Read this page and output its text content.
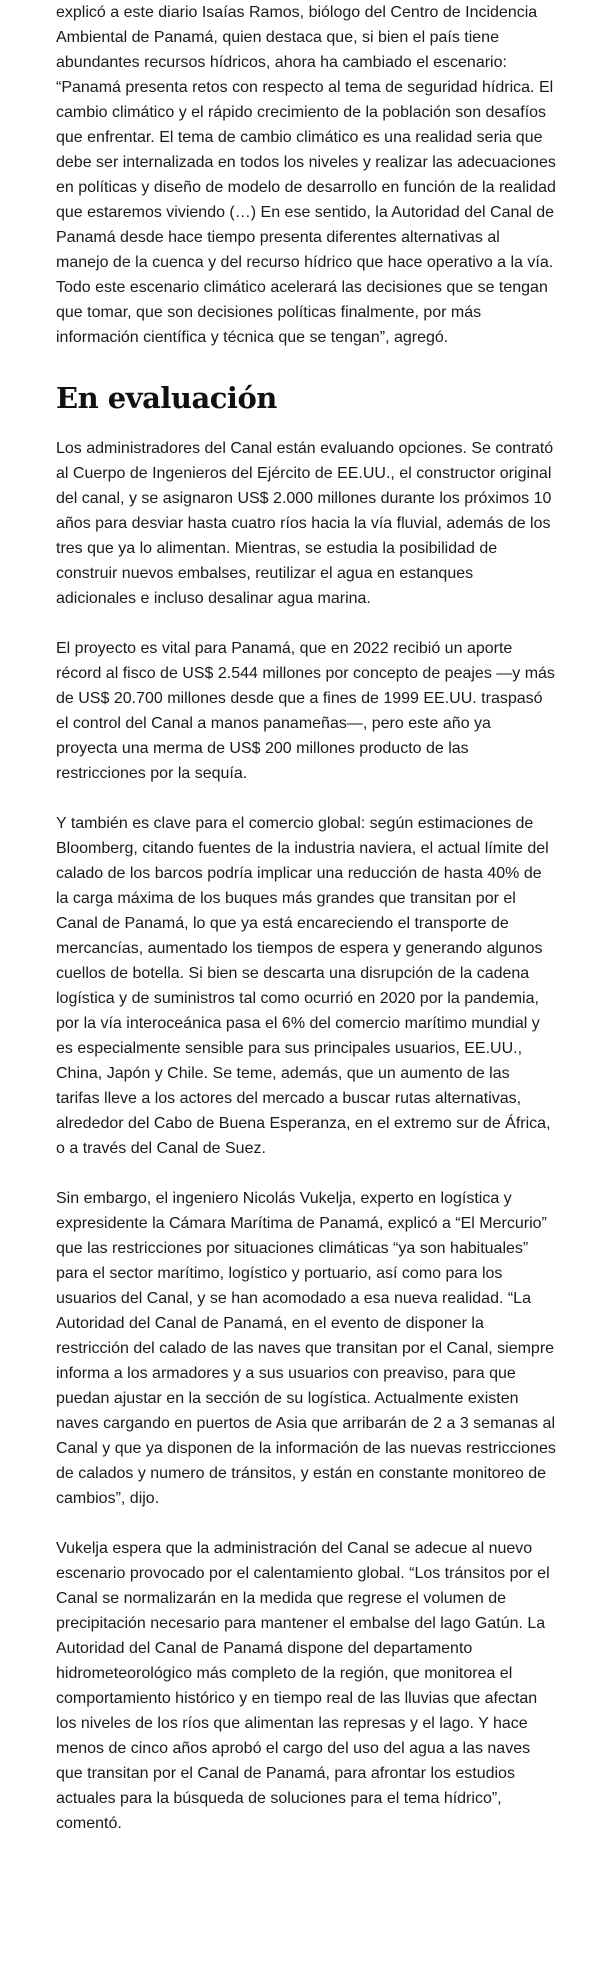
explicó a este diario Isaías Ramos, biólogo del Centro de Incidencia Ambiental de Panamá, quien destaca que, si bien el país tiene abundantes recursos hídricos, ahora ha cambiado el escenario: “Panamá presenta retos con respecto al tema de seguridad hídrica. El cambio climático y el rápido crecimiento de la población son desafíos que enfrentar. El tema de cambio climático es una realidad seria que debe ser internalizada en todos los niveles y realizar las adecuaciones en políticas y diseño de modelo de desarrollo en función de la realidad que estaremos viviendo (…) En ese sentido, la Autoridad del Canal de Panamá desde hace tiempo presenta diferentes alternativas al manejo de la cuenca y del recurso hídrico que hace operativo a la vía. Todo este escenario climático acelerará las decisiones que se tengan que tomar, que son decisiones políticas finalmente, por más información científica y técnica que se tengan”, agregó.

En evaluación

Los administradores del Canal están evaluando opciones. Se contrató al Cuerpo de Ingenieros del Ejército de EE.UU., el constructor original del canal, y se asignaron US$ 2.000 millones durante los próximos 10 años para desviar hasta cuatro ríos hacia la vía fluvial, además de los tres que ya lo alimentan. Mientras, se estudia la posibilidad de construir nuevos embalses, reutilizar el agua en estanques adicionales e incluso desalinar agua marina.

El proyecto es vital para Panamá, que en 2022 recibió un aporte récord al fisco de US$ 2.544 millones por concepto de peajes —y más de US$ 20.700 millones desde que a fines de 1999 EE.UU. traspasó el control del Canal a manos panameñas—, pero este año ya proyecta una merma de US$ 200 millones producto de las restricciones por la sequía.

Y también es clave para el comercio global: según estimaciones de Bloomberg, citando fuentes de la industria naviera, el actual límite del calado de los barcos podría implicar una reducción de hasta 40% de la carga máxima de los buques más grandes que transitan por el Canal de Panamá, lo que ya está encareciendo el transporte de mercancías, aumentado los tiempos de espera y generando algunos cuellos de botella. Si bien se descarta una disrupción de la cadena logística y de suministros tal como ocurrió en 2020 por la pandemia, por la vía interoceánica pasa el 6% del comercio marítimo mundial y es especialmente sensible para sus principales usuarios, EE.UU., China, Japón y Chile. Se teme, además, que un aumento de las tarifas lleve a los actores del mercado a buscar rutas alternativas, alrededor del Cabo de Buena Esperanza, en el extremo sur de África, o a través del Canal de Suez.

Sin embargo, el ingeniero Nicolás Vukelja, experto en logística y expresidente la Cámara Marítima de Panamá, explicó a “El Mercurio” que las restricciones por situaciones climáticas “ya son habituales” para el sector marítimo, logístico y portuario, así como para los usuarios del Canal, y se han acomodado a esa nueva realidad. “La Autoridad del Canal de Panamá, en el evento de disponer la restricción del calado de las naves que transitan por el Canal, siempre informa a los armadores y a sus usuarios con preaviso, para que puedan ajustar en la sección de su logística. Actualmente existen naves cargando en puertos de Asia que arribarán de 2 a 3 semanas al Canal y que ya disponen de la información de las nuevas restricciones de calados y numero de tránsitos, y están en constante monitoreo de cambios”, dijo.

Vukelja espera que la administración del Canal se adecue al nuevo escenario provocado por el calentamiento global. “Los tránsitos por el Canal se normalizarán en la medida que regrese el volumen de precipitación necesario para mantener el embalse del lago Gatún. La Autoridad del Canal de Panamá dispone del departamento hidrometeorológico más completo de la región, que monitorea el comportamiento histórico y en tiempo real de las lluvias que afectan los niveles de los ríos que alimentan las represas y el lago. Y hace menos de cinco años aprobó el cargo del uso del agua a las naves que transitan por el Canal de Panamá, para afrontar los estudios actuales para la búsqueda de soluciones para el tema hídrico”, comentó.
